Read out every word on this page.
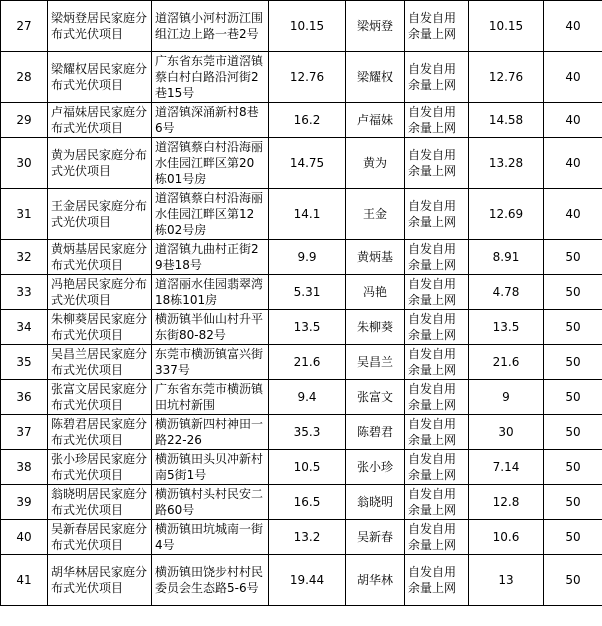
27	梁炳登居民家庭分布式光伏项目	道滘镇小河村沥江围组江边上路一巷2号	10.15	梁炳登	自发自用余量上网	10.15	40
28	梁耀权居民家庭分布式光伏项目	广东省东莞市道滘镇蔡白村白路沿河街2巷15号	12.76	梁耀权	自发自用余量上网	12.76	40
29	卢福妹居民家庭分布式光伏项目	道滘镇深涌新村8巷6号	16.2	卢福妹	自发自用余量上网	14.58	40
30	黄为居民家庭分布式光伏项目	道滘镇蔡白村沿海丽水佳园江畔区第20栋01号房	14.75	黄为	自发自用余量上网	13.28	40
31	王金居民家庭分布式光伏项目	道滘镇蔡白村沿海丽水佳园江畔区第12栋02号房	14.1	王金	自发自用余量上网	12.69	40
32	黄炳基居民家庭分布式光伏项目	道滘镇九曲村正街29巷18号	9.9	黄炳基	自发自用余量上网	8.91	50
33	冯艳居民家庭分布式光伏项目	道滘丽水佳园翡翠湾18栋101房	5.31	冯艳	自发自用余量上网	4.78	50
34	朱柳葵居民家庭分布式光伏项目	横沥镇半仙山村升平东街80-82号	13.5	朱柳葵	自发自用余量上网	13.5	50
35	吴昌兰居民家庭分布式光伏项目	东莞市横沥镇富兴街337号	21.6	吴昌兰	自发自用余量上网	21.6	50
36	张富文居民家庭分布式光伏项目	广东省东莞市横沥镇田坑村新围	9.4	张富文	自发自用余量上网	9	50
37	陈碧君居民家庭分布式光伏项目	横沥镇新四村神田一路22-26	35.3	陈碧君	自发自用余量上网	30	50
38	张小珍居民家庭分布式光伏项目	横沥镇田头贝冲新村南5街1号	10.5	张小珍	自发自用余量上网	7.14	50
39	翁晓明居民家庭分布式光伏项目	横沥镇村头村民安二路60号	16.5	翁晓明	自发自用余量上网	12.8	50
40	吴新春居民家庭分布式光伏项目	横沥镇田坑城南一街4号	13.2	吴新春	自发自用余量上网	10.6	50
41	胡华林居民家庭分布式光伏项目	横沥镇田饶步村村民委员会生态路5-6号	19.44	胡华林	自发自用余量上网	13	50
